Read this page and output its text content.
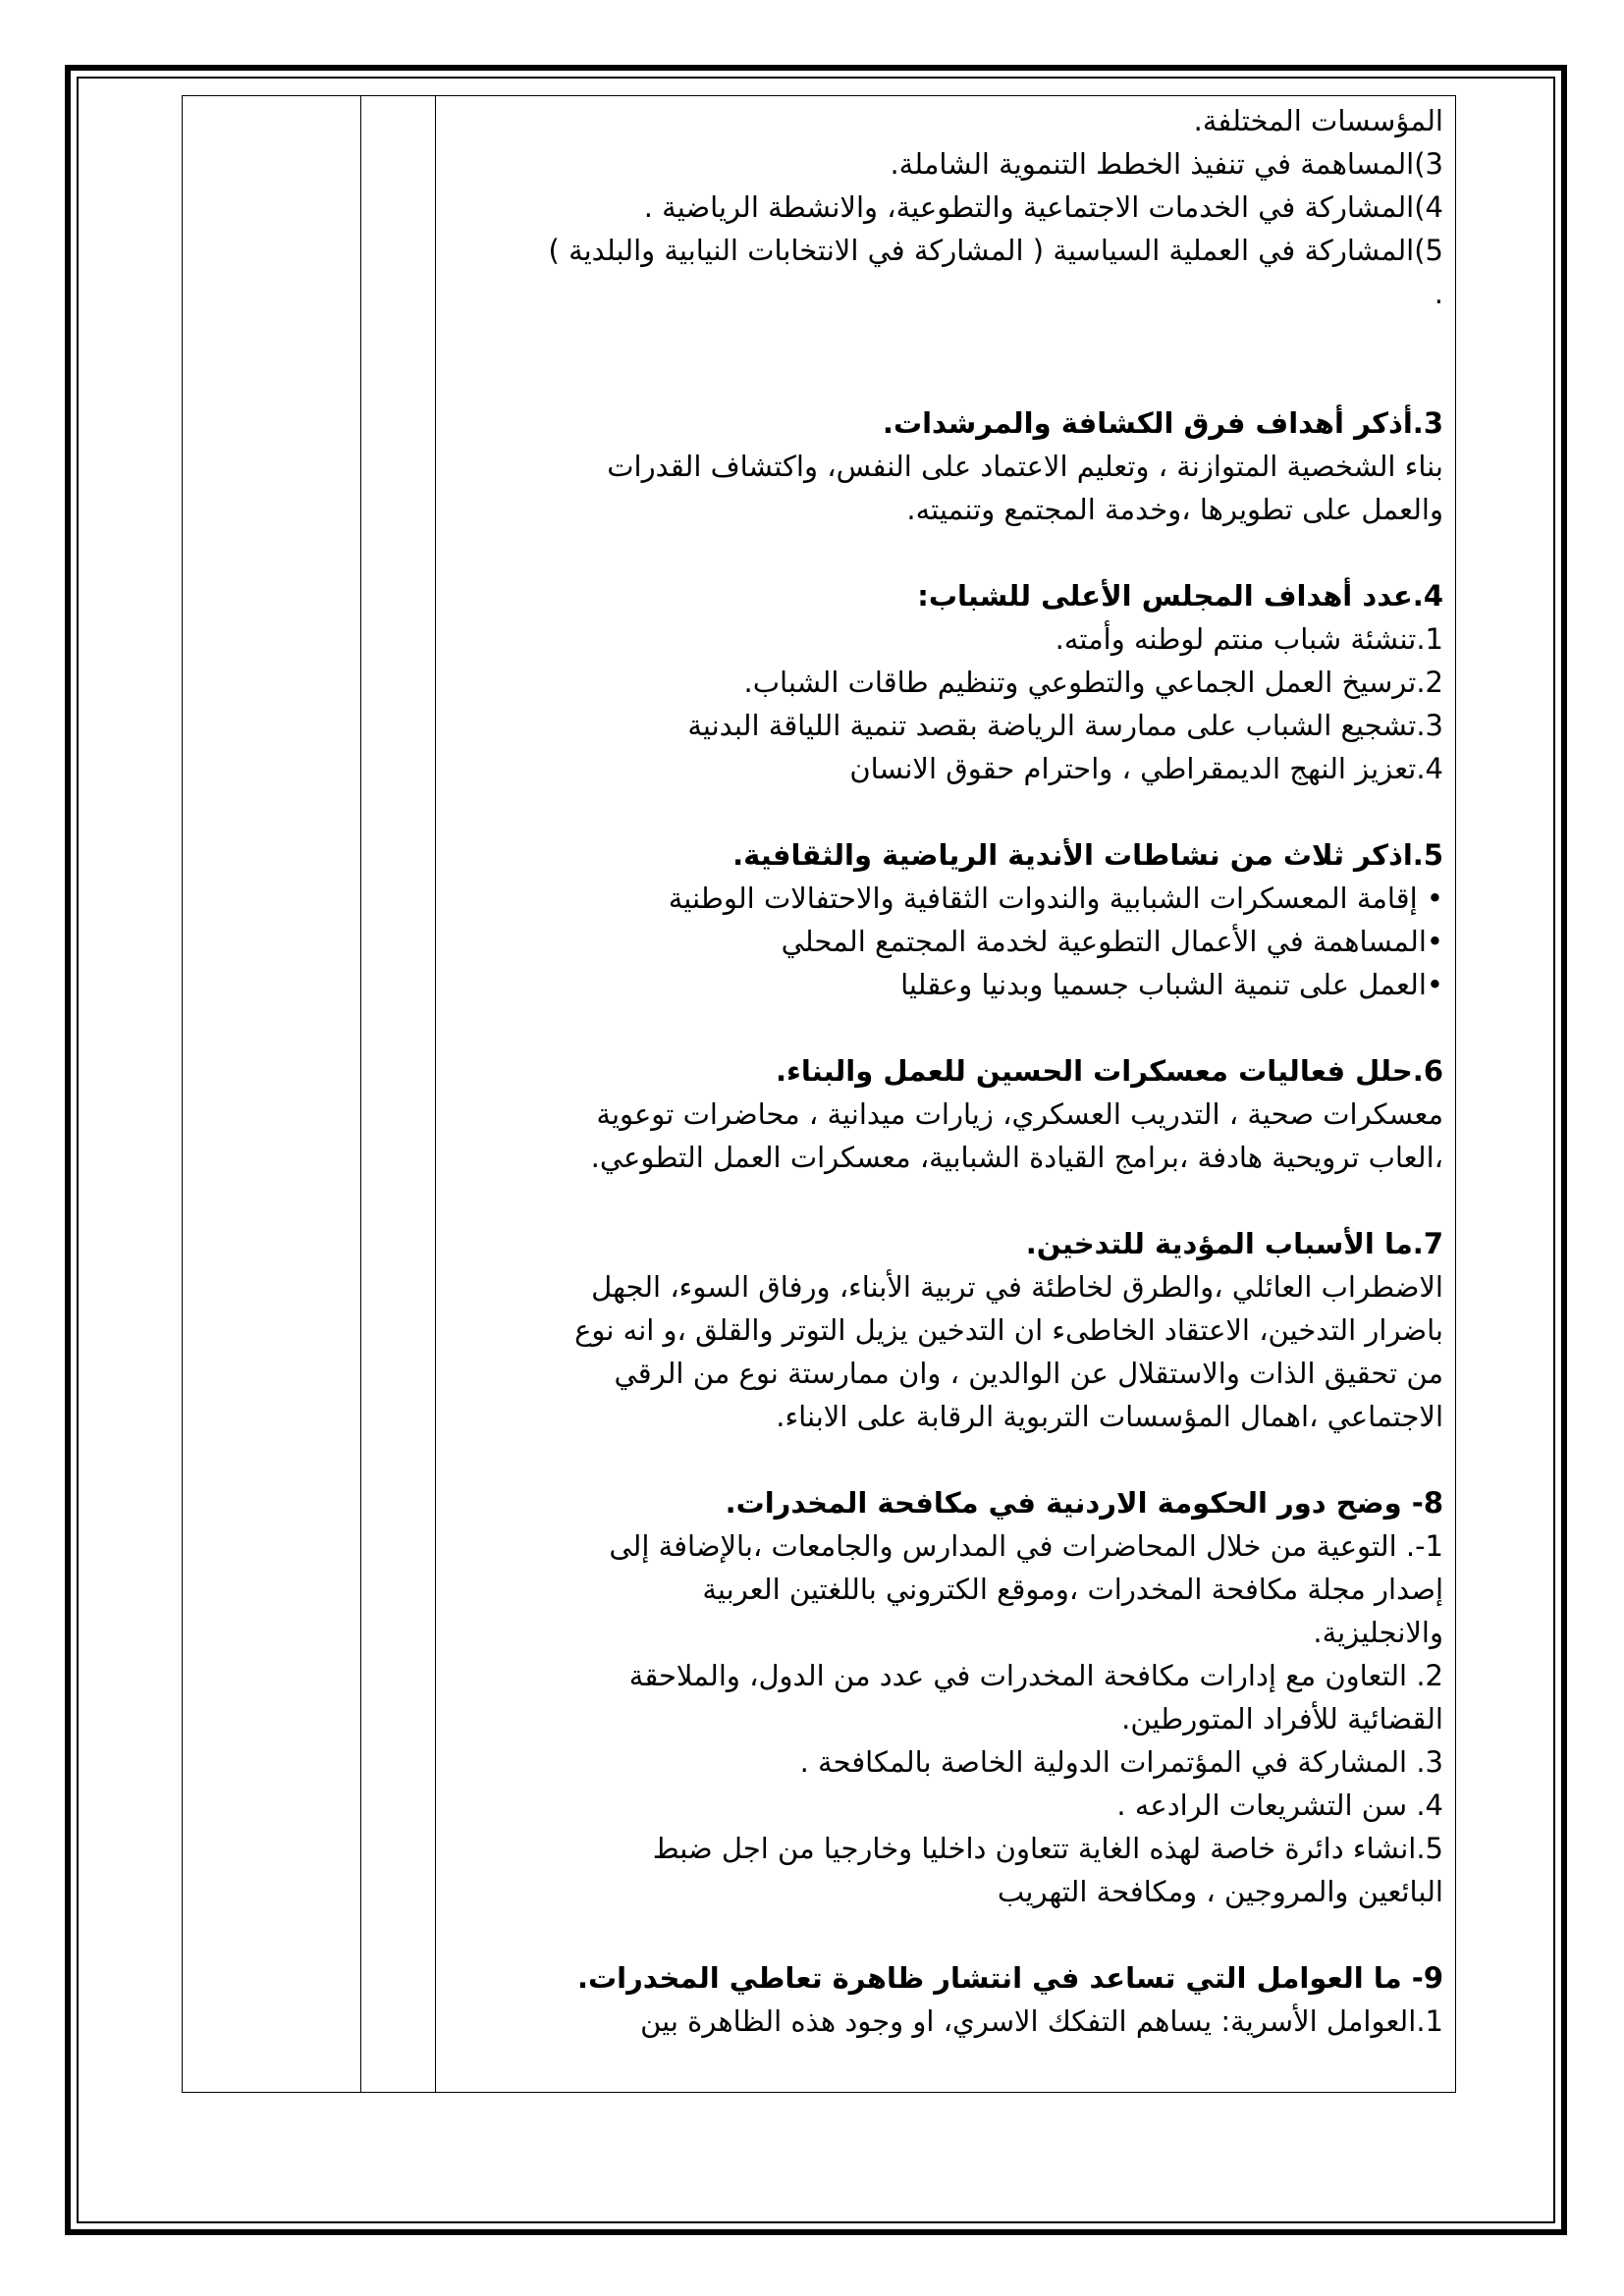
المؤسسات المختلفة.

3)المساهمة في تنفيذ الخطط التنموية الشاملة.

4)المشاركة في الخدمات الاجتماعية والتطوعية، والانشطة الرياضية .

5)المشاركة في العملية السياسية ( المشاركة في الانتخابات النيابية والبلدية )

.

3.أذكر أهداف فرق الكشافة والمرشدات.

بناء الشخصية المتوازنة ، وتعليم الاعتماد على النفس، واكتشاف القدرات

والعمل على تطويرها ،وخدمة المجتمع وتنميته.

4.عدد أهداف المجلس الأعلى للشباب:

1.تنشئة شباب منتم لوطنه وأمته.

2.ترسيخ العمل الجماعي والتطوعي وتنظيم طاقات الشباب.

3.تشجيع الشباب على ممارسة الرياضة بقصد تنمية اللياقة البدنية

4.تعزيز النهج الديمقراطي ، واحترام حقوق الانسان

5.اذكر ثلاث من نشاطات الأندية الرياضية والثقافية.

• إقامة المعسكرات الشبابية والندوات الثقافية والاحتفالات الوطنية

•المساهمة في الأعمال التطوعية لخدمة المجتمع المحلي

•العمل على تنمية الشباب جسميا وبدنيا وعقليا

6.حلل فعاليات معسكرات الحسين للعمل والبناء.

معسكرات صحية ، التدريب العسكري، زيارات ميدانية ، محاضرات توعوية

،العاب ترويحية هادفة ،برامج القيادة الشبابية، معسكرات العمل التطوعي.

7.ما الأسباب المؤدية للتدخين.

الاضطراب العائلي ،والطرق لخاطئة في تربية الأبناء، ورفاق السوء، الجهل

باضرار التدخين، الاعتقاد الخاطىء ان التدخين يزيل التوتر والقلق ،و انه نوع

من تحقيق الذات والاستقلال عن الوالدين ، وان ممارستة نوع من الرقي

الاجتماعي ،اهمال المؤسسات التربوية الرقابة على الابناء.

8- وضح دور الحكومة الاردنية في مكافحة المخدرات.

1-. التوعية من خلال المحاضرات في المدارس والجامعات ،بالإضافة إلى

إصدار مجلة مكافحة المخدرات ،وموقع الكتروني باللغتين العربية

والانجليزية.

2. التعاون مع إدارات مكافحة المخدرات في عدد من الدول، والملاحقة

القضائية للأفراد المتورطين.

3. المشاركة في المؤتمرات الدولية الخاصة بالمكافحة .

4. سن التشريعات الرادعه .

5.انشاء دائرة خاصة لهذه الغاية تتعاون داخليا وخارجيا من اجل ضبط

البائعين والمروجين ، ومكافحة التهريب

9- ما العوامل التي تساعد في انتشار ظاهرة تعاطي المخدرات.

1.العوامل الأسرية: يساهم التفكك الاسري، او وجود هذه الظاهرة بين
